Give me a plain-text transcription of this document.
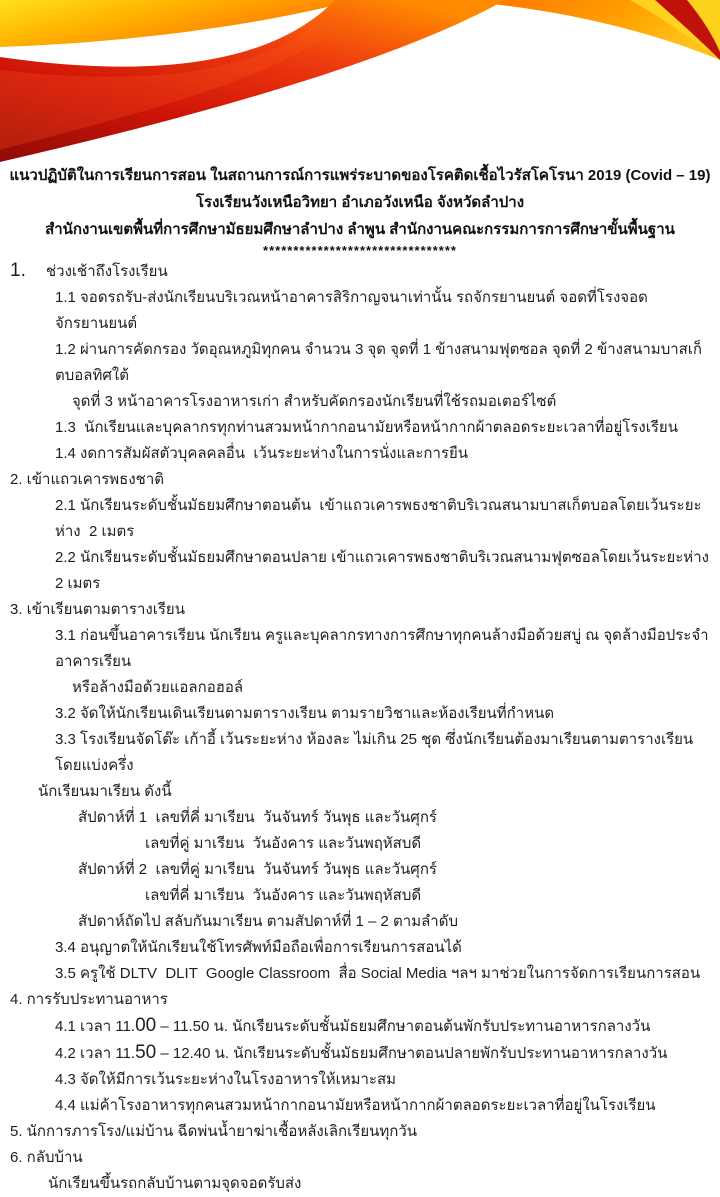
แนวปฏิบัติในการเรียนการสอน ในสถานการณ์การแพร่ระบาดของโรคติดเชื้อไวรัสโคโรนา 2019 (Covid – 19)

โรงเรียนวังเหนือวิทยา อำเภอวังเหนือ จังหวัดลำปาง

สำนักงานเขตพื้นที่การศึกษามัธยมศึกษาลำปาง ลำพูน สำนักงานคณะกรรมการการศึกษาขั้นพื้นฐาน

********************************

1. ช่วงเช้าถึงโรงเรียน

1.1 จอดรถรับ-ส่งนักเรียนบริเวณหน้าอาคารสิริกาญจนาเท่านั้น รถจักรยานยนต์ จอดที่โรงจอดจักรยานยนต์

1.2 ผ่านการคัดกรอง วัดอุณหภูมิทุกคน จำนวน 3 จุด จุดที่ 1 ข้างสนามฟุตซอล จุดที่ 2 ข้างสนามบาสเก็ตบอลทิศใต้

จุดที่ 3 หน้าอาคารโรงอาหารเก่า สำหรับคัดกรองนักเรียนที่ใช้รถมอเตอร์ไซต์

1.3  นักเรียนและบุคลากรทุกท่านสวมหน้ากากอนามัยหรือหน้ากากผ้าตลอดระยะเวลาที่อยู่โรงเรียน

1.4 งดการสัมผัสตัวบุคลคลอื่น  เว้นระยะห่างในการนั่งและการยืน

2. เข้าแถวเคารพธงชาติ

2.1 นักเรียนระดับชั้นมัธยมศึกษาตอนต้น  เข้าแถวเคารพธงชาติบริเวณสนามบาสเก็ตบอลโดยเว้นระยะห่าง  2 เมตร

2.2 นักเรียนระดับชั้นมัธยมศึกษาตอนปลาย เข้าแถวเคารพธงชาติบริเวณสนามฟุตซอลโดยเว้นระยะห่าง 2 เมตร

3. เข้าเรียนตามตารางเรียน

3.1 ก่อนขึ้นอาคารเรียน นักเรียน ครูและบุคลากรทางการศึกษาทุกคนล้างมือด้วยสบู่ ณ จุดล้างมือประจำอาคารเรียน

หรือล้างมือด้วยแอลกอฮอล์

3.2 จัดให้นักเรียนเดินเรียนตามตารางเรียน ตามรายวิชาและห้องเรียนที่กำหนด

3.3 โรงเรียนจัดโต๊ะ เก้าอี้ เว้นระยะห่าง ห้องละ ไม่เกิน 25 ชุด ซึ่งนักเรียนต้องมาเรียนตามตารางเรียน โดยแบ่งครึ่ง

นักเรียนมาเรียน ดังนี้

สัปดาห์ที่ 1  เลขที่คี่ มาเรียน  วันจันทร์ วันพุธ และวันศุกร์

เลขที่คู่ มาเรียน  วันอังคาร และวันพฤหัสบดี

สัปดาห์ที่ 2  เลขที่คู่ มาเรียน  วันจันทร์ วันพุธ และวันศุกร์

เลขที่คี่ มาเรียน  วันอังคาร และวันพฤหัสบดี

สัปดาห์ถัดไป สลับกันมาเรียน ตามสัปดาห์ที่ 1 – 2 ตามลำดับ

3.4 อนุญาตให้นักเรียนใช้โทรศัพท์มือถือเพื่อการเรียนการสอนได้

3.5 ครูใช้ DLTV  DLIT  Google Classroom  สื่อ Social Media ฯลฯ มาช่วยในการจัดการเรียนการสอน

4. การรับประทานอาหาร

4.1 เวลา 11.00 – 11.50 น. นักเรียนระดับชั้นมัธยมศึกษาตอนต้นพักรับประทานอาหารกลางวัน

4.2 เวลา 11.50 – 12.40 น. นักเรียนระดับชั้นมัธยมศึกษาตอนปลายพักรับประทานอาหารกลางวัน

4.3 จัดให้มีการเว้นระยะห่างในโรงอาหารให้เหมาะสม

4.4 แม่ค้าโรงอาหารทุกคนสวมหน้ากากอนามัยหรือหน้ากากผ้าตลอดระยะเวลาที่อยู่ในโรงเรียน

5. นักการภารโรง/แม่บ้าน ฉีดพ่นน้ำยาฆ่าเชื้อหลังเลิกเรียนทุกวัน

6. กลับบ้าน

นักเรียนขึ้นรถกลับบ้านตามจุดจอดรับส่ง
